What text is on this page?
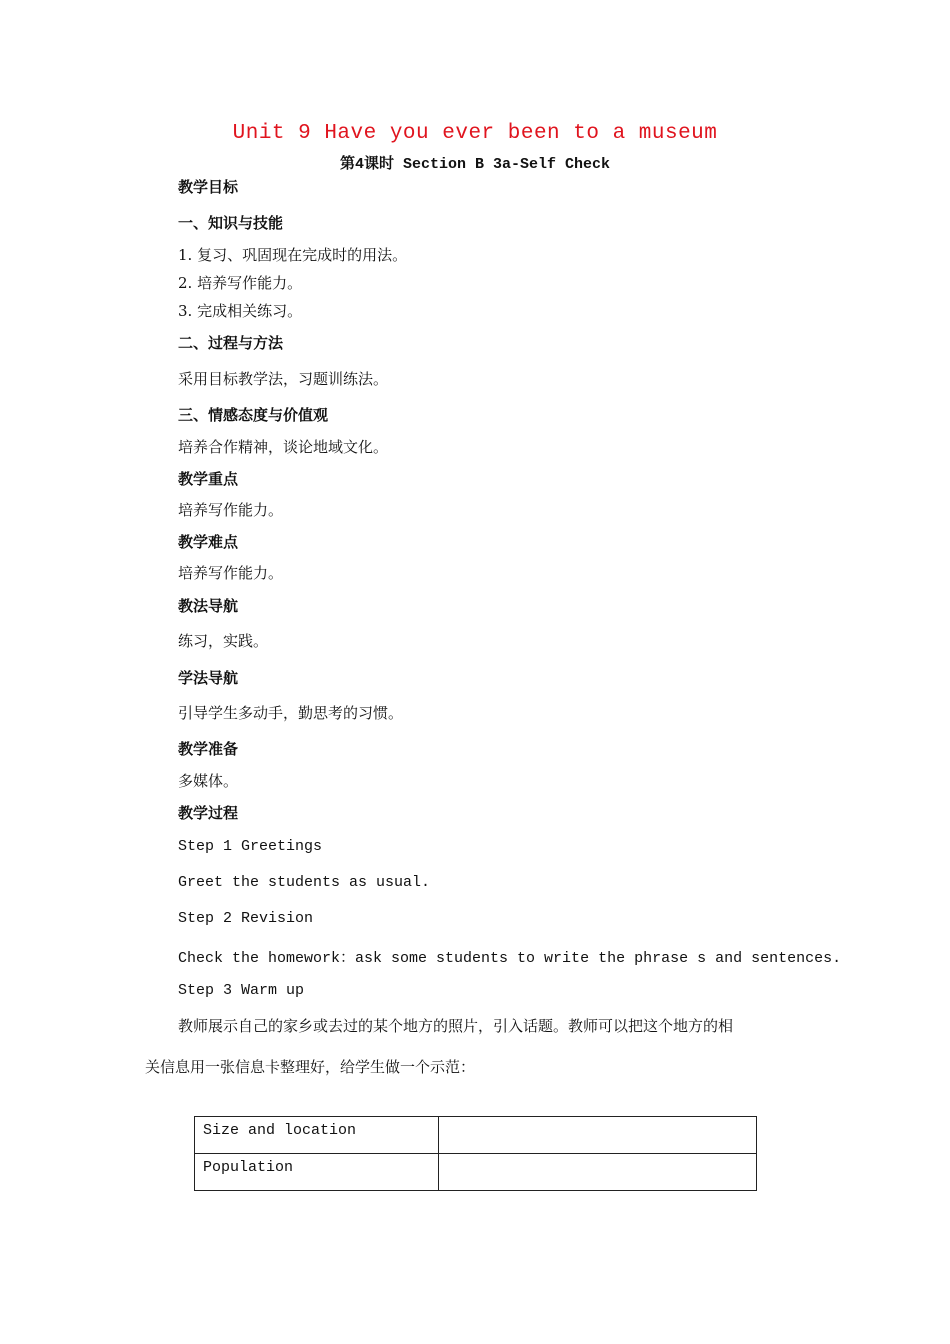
Unit 9 Have you ever been to a museum
第4课时 Section B 3a-Self Check
教学目标
一、知识与技能
1. 复习、巩固现在完成时的用法。
2. 培养写作能力。
3. 完成相关练习。
二、过程与方法
采用目标教学法，习题训练法。
三、情感态度与价值观
培养合作精神，谈论地域文化。
教学重点
培养写作能力。
教学难点
培养写作能力。
教法导航
练习，实践。
学法导航
引导学生多动手，勤思考的习惯。
教学准备
多媒体。
教学过程
Step 1 Greetings
Greet the students as usual.
Step 2 Revision
Check the homework：ask some students to write the phrase s and sentences.
Step 3 Warm up
教师展示自己的家乡或去过的某个地方的照片，引入话题。教师可以把这个地方的相
关信息用一张信息卡整理好，给学生做一个示范：
Size and location	
Population	
